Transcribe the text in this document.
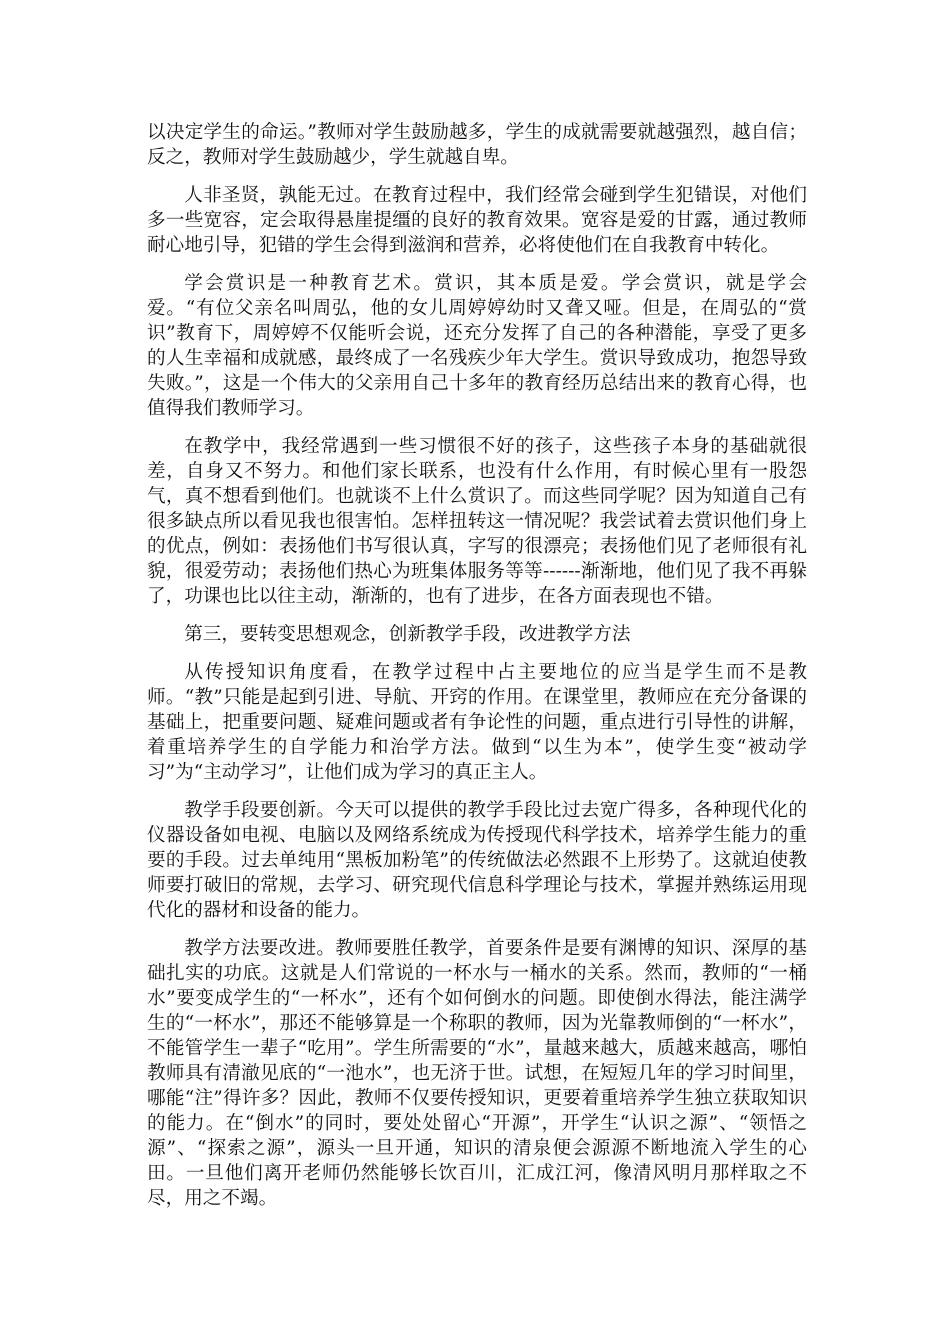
以决定学生的命运。”教师对学生鼓励越多，学生的成就需要就越强烈，越自信；反之，教师对学生鼓励越少，学生就越自卑。

人非圣贤，孰能无过。在教育过程中，我们经常会碰到学生犯错误，对他们多一些宽容，定会取得悬崖提缰的良好的教育效果。宽容是爱的甘露，通过教师耐心地引导，犯错的学生会得到滋润和营养，必将使他们在自我教育中转化。

学会赏识是一种教育艺术。赏识，其本质是爱。学会赏识，就是学会爱。“有位父亲名叫周弘，他的女儿周婷婷幼时又聋又哑。但是，在周弘的“赏识”教育下，周婷婷不仅能听会说，还充分发挥了自己的各种潜能，享受了更多的人生幸福和成就感，最终成了一名残疾少年大学生。赏识导致成功，抱怨导致失败。”，这是一个伟大的父亲用自己十多年的教育经历总结出来的教育心得，也值得我们教师学习。

在教学中，我经常遇到一些习惯很不好的孩子，这些孩子本身的基础就很差，自身又不努力。和他们家长联系，也没有什么作用，有时候心里有一股怨气，真不想看到他们。也就谈不上什么赏识了。而这些同学呢？因为知道自己有很多缺点所以看见我也很害怕。怎样扭转这一情况呢？我尝试着去赏识他们身上的优点，例如：表扬他们书写很认真，字写的很漂亮；表扬他们见了老师很有礼貌，很爱劳动；表扬他们热心为班集体服务等等------渐渐地，他们见了我不再躲了，功课也比以往主动，渐渐的，也有了进步，在各方面表现也不错。

第三，要转变思想观念，创新教学手段，改进教学方法

从传授知识角度看，在教学过程中占主要地位的应当是学生而不是教师。“教”只能是起到引进、导航、开窍的作用。在课堂里，教师应在充分备课的基础上，把重要问题、疑难问题或者有争论性的问题，重点进行引导性的讲解，着重培养学生的自学能力和治学方法。做到“以生为本”，使学生变“被动学习”为“主动学习”，让他们成为学习的真正主人。

教学手段要创新。今天可以提供的教学手段比过去宽广得多，各种现代化的仪器设备如电视、电脑以及网络系统成为传授现代科学技术，培养学生能力的重要的手段。过去单纯用“黑板加粉笔”的传统做法必然跟不上形势了。这就迫使教师要打破旧的常规，去学习、研究现代信息科学理论与技术，掌握并熟练运用现代化的器材和设备的能力。

教学方法要改进。教师要胜任教学，首要条件是要有渊博的知识、深厚的基础扎实的功底。这就是人们常说的一杯水与一桶水的关系。然而，教师的“一桶水”要变成学生的“一杯水”，还有个如何倒水的问题。即使倒水得法，能注满学生的“一杯水”，那还不能够算是一个称职的教师，因为光靠教师倒的“一杯水”，不能管学生一辈子“吃用”。学生所需要的“水”，量越来越大，质越来越高，哪怕教师具有清澈见底的“一池水”，也无济于世。试想，在短短几年的学习时间里，哪能“注”得许多？因此，教师不仅要传授知识，更要着重培养学生独立获取知识的能力。在“倒水”的同时，要处处留心“开源”，开学生“认识之源”、“领悟之源”、“探索之源”，源头一旦开通，知识的清泉便会源源不断地流入学生的心田。一旦他们离开老师仍然能够长饮百川，汇成江河，像清风明月那样取之不尽，用之不竭。
